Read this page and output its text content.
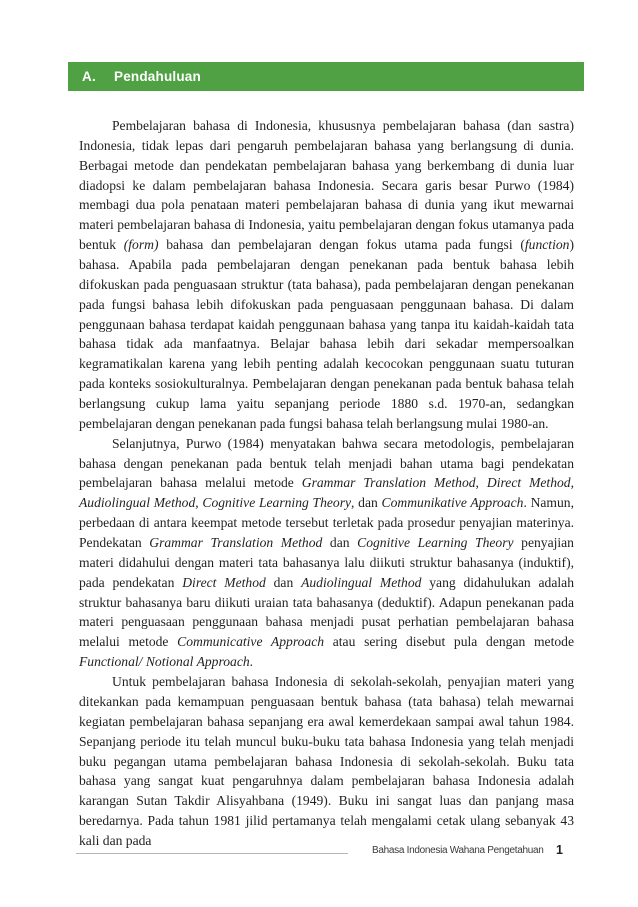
A.	Pendahuluan

Pembelajaran bahasa di Indonesia, khususnya pembelajaran bahasa (dan sastra) Indonesia, tidak lepas dari pengaruh pembelajaran bahasa yang berlangsung di dunia. Berbagai metode dan pendekatan pembelajaran bahasa yang berkembang di dunia luar diadopsi ke dalam pembelajaran bahasa Indonesia. Secara garis besar Purwo (1984) membagi dua pola penataan materi pembelajaran bahasa di dunia yang ikut mewarnai materi pembelajaran bahasa di Indonesia, yaitu pembelajaran dengan fokus utamanya pada bentuk (form) bahasa dan pembelajaran dengan fokus utama pada fungsi (function) bahasa. Apabila pada pembelajaran dengan penekanan pada bentuk bahasa lebih difokuskan pada penguasaan struktur (tata bahasa), pada pembelajaran dengan penekanan pada fungsi bahasa lebih difokuskan pada penguasaan penggunaan bahasa. Di dalam penggunaan bahasa terdapat kaidah penggunaan bahasa yang tanpa itu kaidah-kaidah tata bahasa tidak ada manfaatnya. Belajar bahasa lebih dari sekadar mempersoalkan kegramatikalan karena yang lebih penting adalah kecocokan penggunaan suatu tuturan pada konteks sosiokulturalnya. Pembelajaran dengan penekanan pada bentuk bahasa telah berlangsung cukup lama yaitu sepanjang periode 1880 s.d. 1970-an, sedangkan pembelajaran dengan penekanan pada fungsi bahasa telah berlangsung mulai 1980-an.

Selanjutnya, Purwo (1984) menyatakan bahwa secara metodologis, pembelajaran bahasa dengan penekanan pada bentuk telah menjadi bahan utama bagi pendekatan pembelajaran bahasa melalui metode Grammar Translation Method, Direct Method, Audiolingual Method, Cognitive Learning Theory, dan Communikative Approach. Namun, perbedaan di antara keempat metode tersebut terletak pada prosedur penyajian materinya. Pendekatan Grammar Translation Method dan Cognitive Learning Theory penyajian materi didahului dengan materi tata bahasanya lalu diikuti struktur bahasanya (induktif), pada pendekatan Direct Method dan Audiolingual Method yang didahulukan adalah struktur bahasanya baru diikuti uraian tata bahasanya (deduktif). Adapun penekanan pada materi penguasaan penggunaan bahasa menjadi pusat perhatian pembelajaran bahasa melalui metode Communicative Approach atau sering disebut pula dengan metode Functional/ Notional Approach.

Untuk pembelajaran bahasa Indonesia di sekolah-sekolah, penyajian materi yang ditekankan pada kemampuan penguasaan bentuk bahasa (tata bahasa) telah mewarnai kegiatan pembelajaran bahasa sepanjang era awal kemerdekaan sampai awal tahun 1984. Sepanjang periode itu telah muncul buku-buku tata bahasa Indonesia yang telah menjadi buku pegangan utama pembelajaran bahasa Indonesia di sekolah-sekolah. Buku tata bahasa yang sangat kuat pengaruhnya dalam pembelajaran bahasa Indonesia adalah karangan Sutan Takdir Alisyahbana (1949). Buku ini sangat luas dan panjang masa beredarnya. Pada tahun 1981 jilid pertamanya telah mengalami cetak ulang sebanyak 43 kali dan pada

Bahasa Indonesia Wahana Pengetahuan 1
